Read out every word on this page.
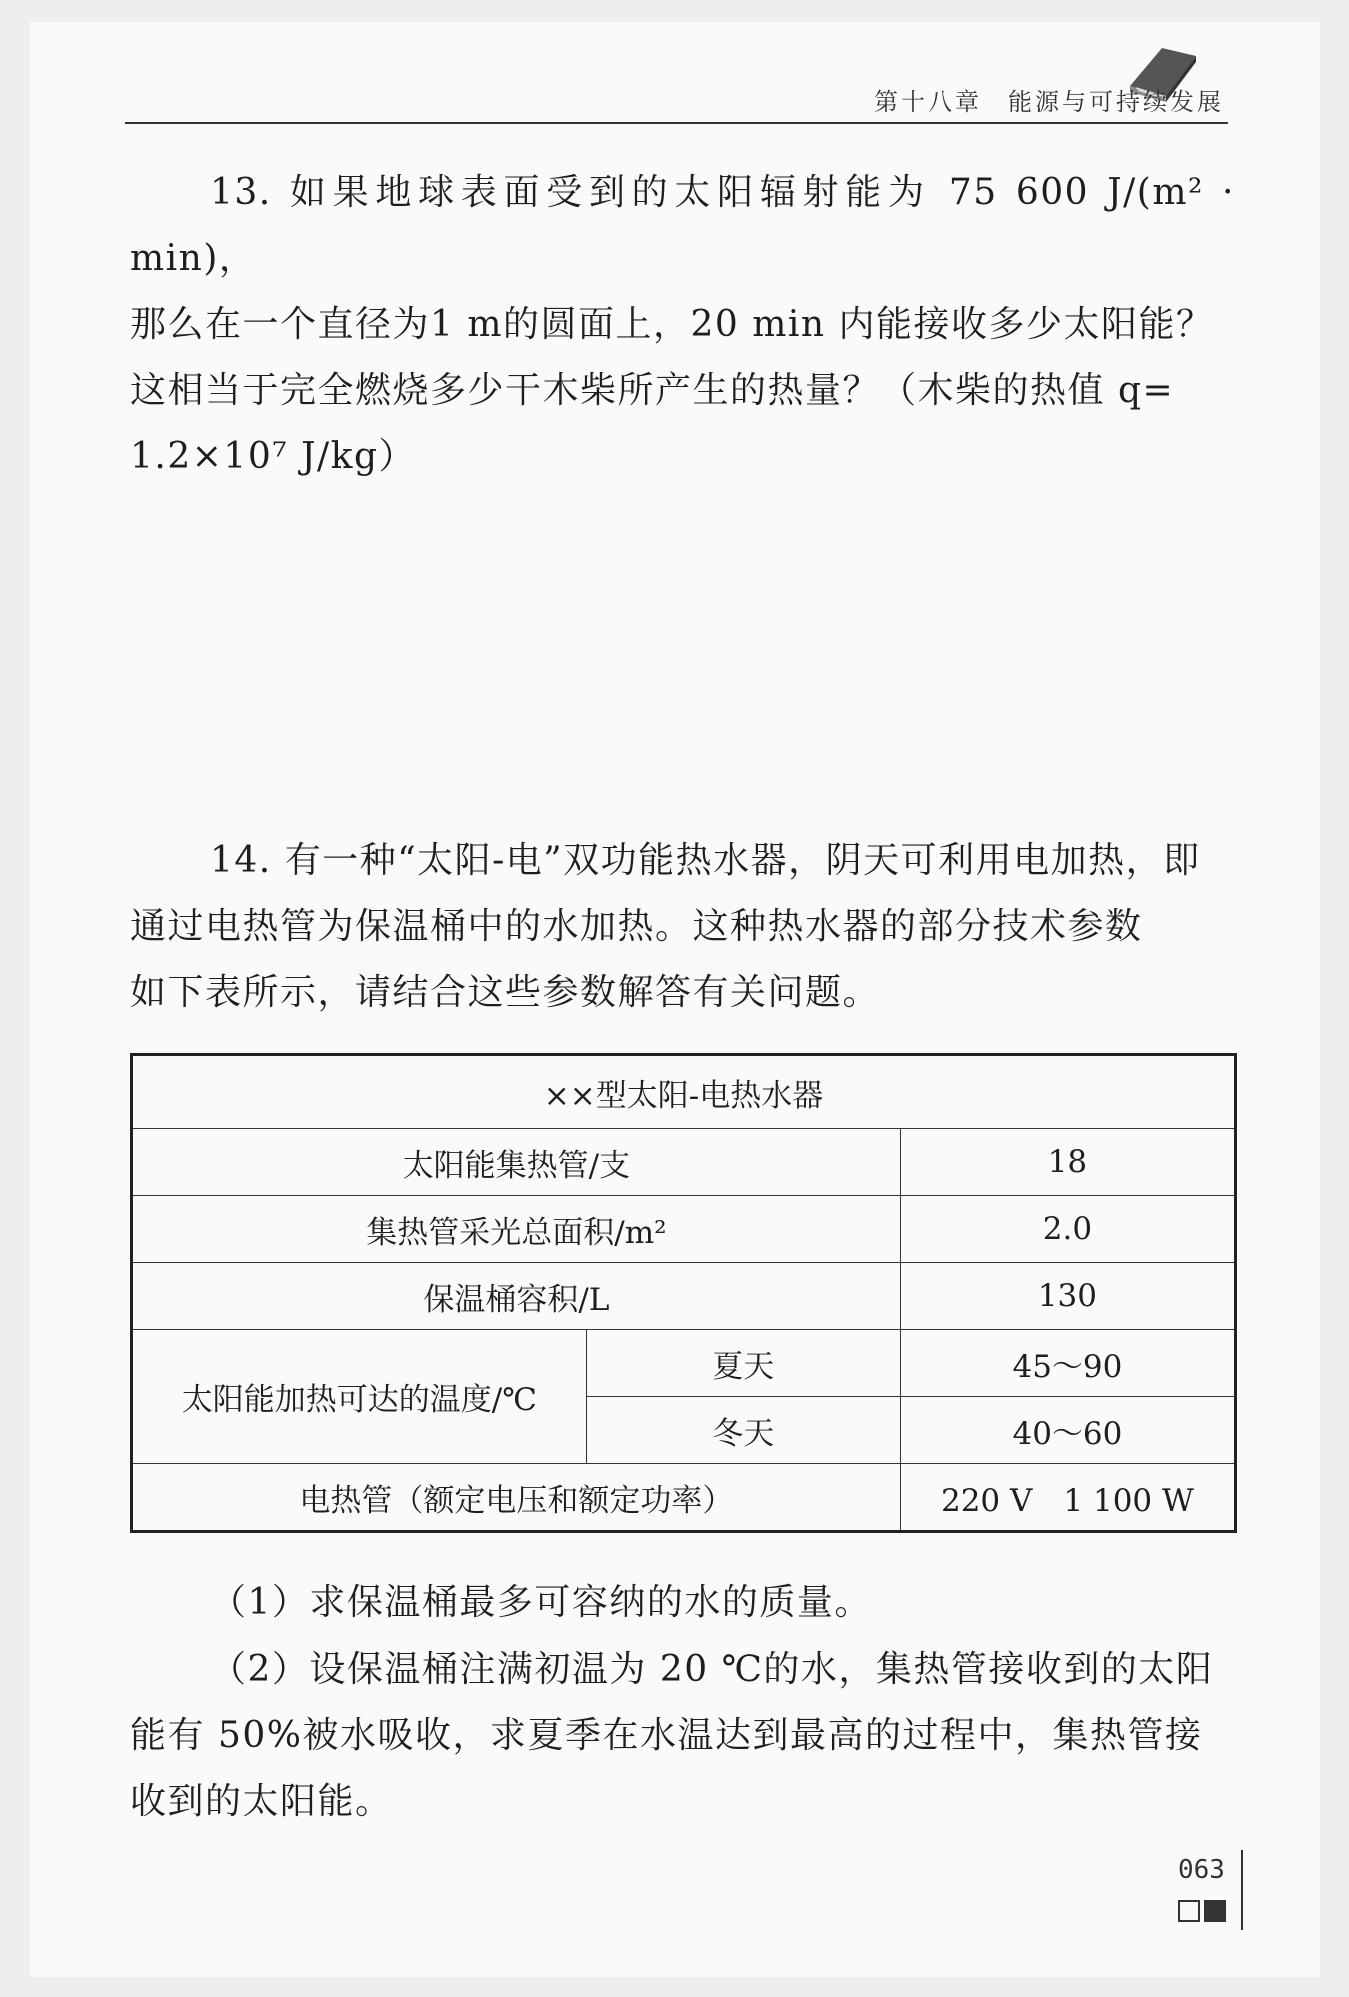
第十八章 能源与可持续发展

13. 如果地球表面受到的太阳辐射能为 75 600 J/(m² · min)，

那么在一个直径为1 m的圆面上，20 min 内能接收多少太阳能？

这相当于完全燃烧多少干木柴所产生的热量？（木柴的热值 q=

1.2×10⁷ J/kg）

14. 有一种“太阳-电”双功能热水器，阴天可利用电加热，即

通过电热管为保温桶中的水加热。这种热水器的部分技术参数

如下表所示，请结合这些参数解答有关问题。

××型太阳-电热水器		
太阳能集热管/支		18
集热管采光总面积/m²		2.0
保温桶容积/L		130
太阳能加热可达的温度/℃	夏天	45～90
	冬天	40～60
电热管（额定电压和额定功率）		220 V　1 100 W

（1）求保温桶最多可容纳的水的质量。

（2）设保温桶注满初温为 20 ℃的水，集热管接收到的太阳

能有 50%被水吸收，求夏季在水温达到最高的过程中，集热管接

收到的太阳能。

063
